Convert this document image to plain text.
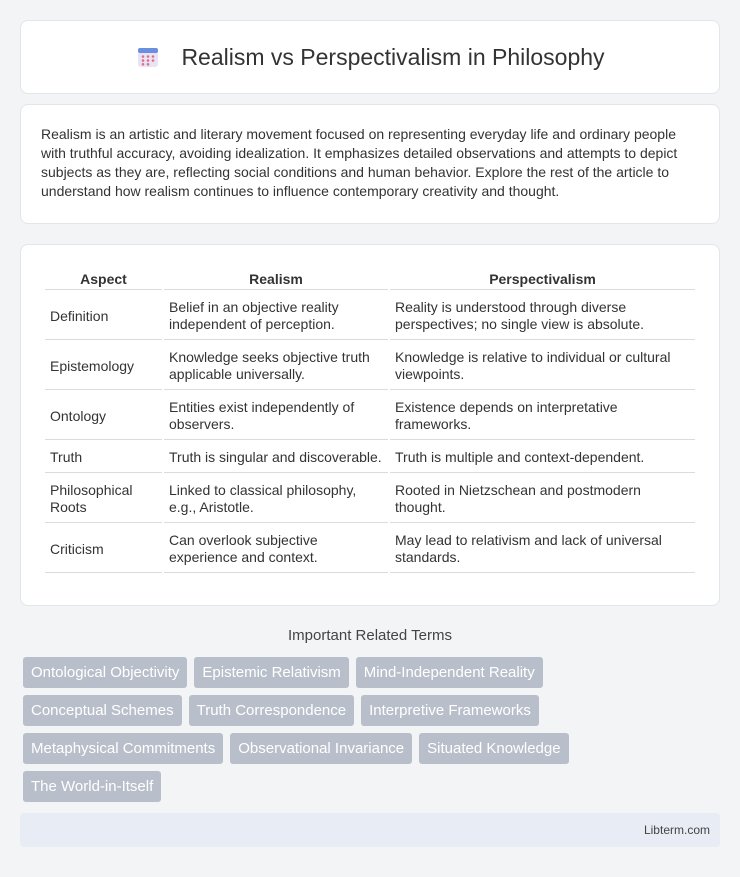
Realism vs Perspectivalism in Philosophy

Realism is an artistic and literary movement focused on representing everyday life and ordinary people with truthful accuracy, avoiding idealization. It emphasizes detailed observations and attempts to depict subjects as they are, reflecting social conditions and human behavior. Explore the rest of the article to understand how realism continues to influence contemporary creativity and thought.

Aspect	Realism	Perspectivalism
Definition	Belief in an objective reality independent of perception.	Reality is understood through diverse perspectives; no single view is absolute.
Epistemology	Knowledge seeks objective truth applicable universally.	Knowledge is relative to individual or cultural viewpoints.
Ontology	Entities exist independently of observers.	Existence depends on interpretative frameworks.
Truth	Truth is singular and discoverable.	Truth is multiple and context-dependent.
Philosophical Roots	Linked to classical philosophy, e.g., Aristotle.	Rooted in Nietzschean and postmodern thought.
Criticism	Can overlook subjective experience and context.	May lead to relativism and lack of universal standards.
Important Related Terms
Ontological Objectivity	Epistemic Relativism	Mind-Independent Reality
Conceptual Schemes	Truth Correspondence	Interpretive Frameworks
Metaphysical Commitments	Observational Invariance	Situated Knowledge
The World-in-Itself
Libterm.com
